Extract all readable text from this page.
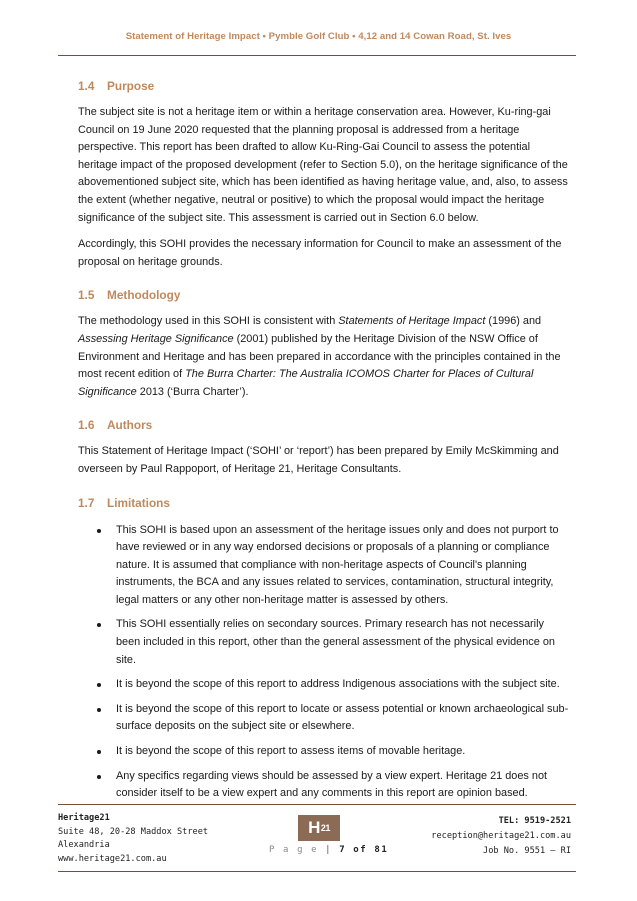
Statement of Heritage Impact • Pymble Golf Club • 4,12 and 14 Cowan Road, St. Ives
1.4 Purpose

The subject site is not a heritage item or within a heritage conservation area. However, Ku-ring-gai Council on 19 June 2020 requested that the planning proposal is addressed from a heritage perspective. This report has been drafted to allow Ku-Ring-Gai Council to assess the potential heritage impact of the proposed development (refer to Section 5.0), on the heritage significance of the abovementioned subject site, which has been identified as having heritage value, and, also, to assess the extent (whether negative, neutral or positive) to which the proposal would impact the heritage significance of the subject site. This assessment is carried out in Section 6.0 below.

Accordingly, this SOHI provides the necessary information for Council to make an assessment of the proposal on heritage grounds.

1.5 Methodology

The methodology used in this SOHI is consistent with Statements of Heritage Impact (1996) and Assessing Heritage Significance (2001) published by the Heritage Division of the NSW Office of Environment and Heritage and has been prepared in accordance with the principles contained in the most recent edition of The Burra Charter: The Australia ICOMOS Charter for Places of Cultural Significance 2013 (‘Burra Charter’).

1.6 Authors

This Statement of Heritage Impact (‘SOHI’ or ‘report’) has been prepared by Emily McSkimming and overseen by Paul Rappoport, of Heritage 21, Heritage Consultants.

1.7 Limitations
This SOHI is based upon an assessment of the heritage issues only and does not purport to have reviewed or in any way endorsed decisions or proposals of a planning or compliance nature. It is assumed that compliance with non-heritage aspects of Council's planning instruments, the BCA and any issues related to services, contamination, structural integrity, legal matters or any other non-heritage matter is assessed by others.
This SOHI essentially relies on secondary sources. Primary research has not necessarily been included in this report, other than the general assessment of the physical evidence on site.
It is beyond the scope of this report to address Indigenous associations with the subject site.
It is beyond the scope of this report to locate or assess potential or known archaeological sub-surface deposits on the subject site or elsewhere.
It is beyond the scope of this report to assess items of movable heritage.
Any specifics regarding views should be assessed by a view expert. Heritage 21 does not consider itself to be a view expert and any comments in this report are opinion based.
Heritage21
Suite 48, 20-28 Maddox Street
Alexandria
www.heritage21.com.au
H 21
P a g e | 7 of 81
TEL: 9519-2521
reception@heritage21.com.au
Job No. 9551 – RI
